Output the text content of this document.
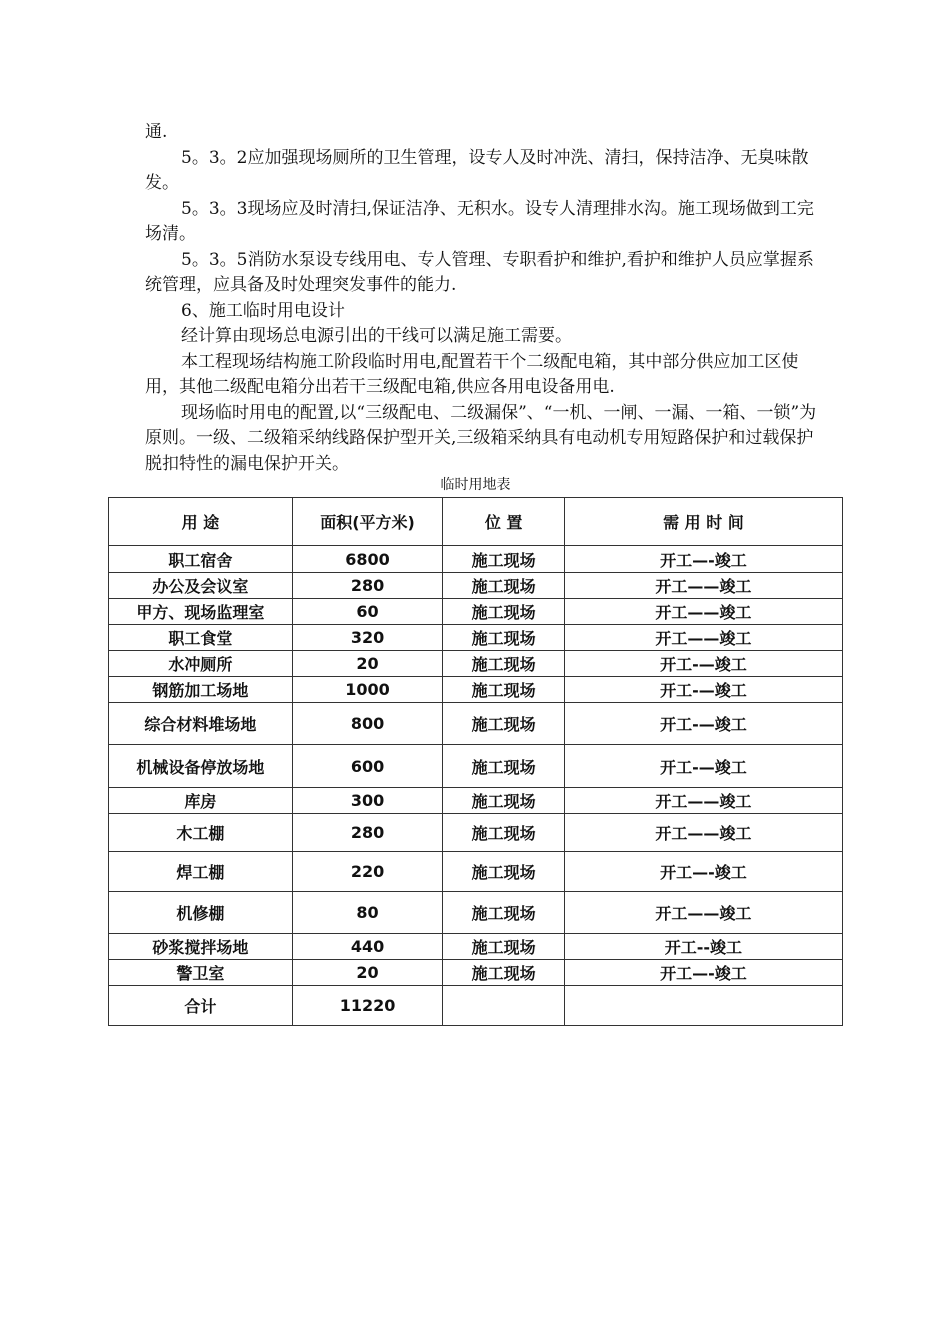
通.

5。3。2应加强现场厕所的卫生管理，设专人及时冲洗、清扫，保持洁净、无臭味散发。

5。3。3现场应及时清扫,保证洁净、无积水。设专人清理排水沟。施工现场做到工完场清。

5。3。5消防水泵设专线用电、专人管理、专职看护和维护,看护和维护人员应掌握系统管理，应具备及时处理突发事件的能力.

6、施工临时用电设计

经计算由现场总电源引出的干线可以满足施工需要。

本工程现场结构施工阶段临时用电,配置若干个二级配电箱，其中部分供应加工区使用，其他二级配电箱分出若干三级配电箱,供应各用电设备用电.

现场临时用电的配置,以“三级配电、二级漏保”、“一机、一闸、一漏、一箱、一锁”为原则。一级、二级箱采纳线路保护型开关,三级箱采纳具有电动机专用短路保护和过载保护脱扣特性的漏电保护开关。

临时用地表
用 途	面积(平方米)	位 置	需 用 时 间
职工宿舍	6800	施工现场	开工—-竣工
办公及会议室	280	施工现场	开工——竣工
甲方、现场监理室	60	施工现场	开工——竣工
职工食堂	320	施工现场	开工——竣工
水冲厕所	20	施工现场	开工-—竣工
钢筋加工场地	1000	施工现场	开工-—竣工
综合材料堆场地	800	施工现场	开工-—竣工
机械设备停放场地	600	施工现场	开工-—竣工
库房	300	施工现场	开工——竣工
木工棚	280	施工现场	开工——竣工
焊工棚	220	施工现场	开工—-竣工
机修棚	80	施工现场	开工——竣工
砂浆搅拌场地	440	施工现场	开工--竣工
警卫室	20	施工现场	开工—-竣工
合计	11220		
